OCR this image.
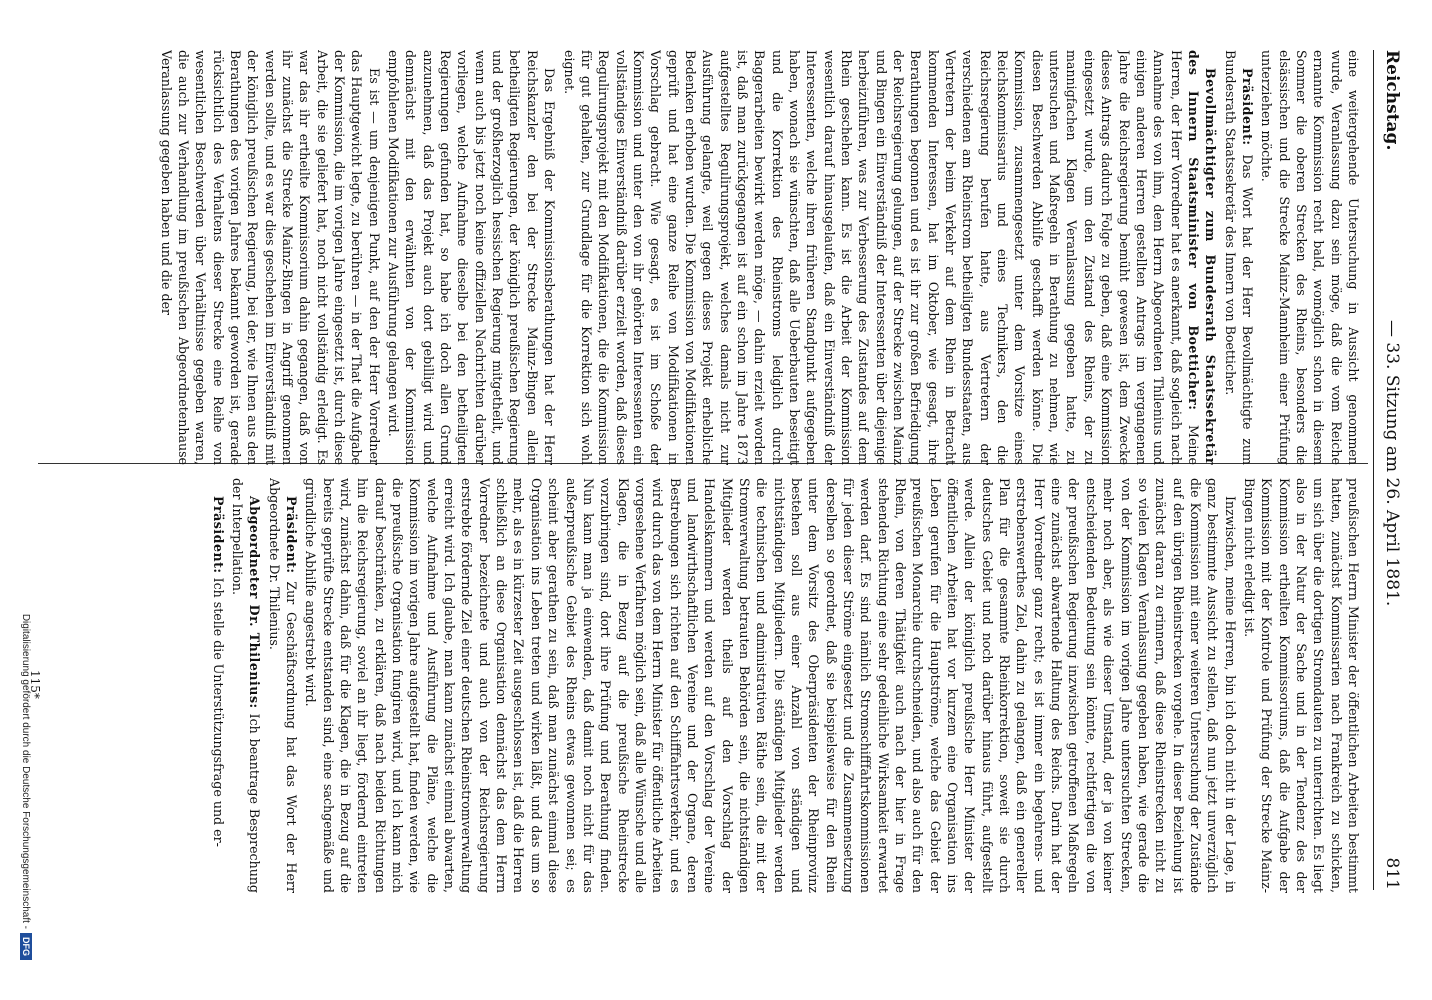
Reichstag.
— 33. Sitzung am 26. April 1881.
811

eine weitergehende Untersuchung in Aussicht genommen wurde, Veranlassung dazu sein möge, daß die vom Reiche ernannte Kommission recht bald, womöglich schon in diesem Sommer die oberen Strecken des Rheins, besonders die elsässischen und die Strecke Mainz-Mannheim einer Prüfung unterziehen möchte.

Präsident: Das Wort hat der Herr Bevollmächtigte zum Bundesrath Staatssekretär des Innern von Boetticher.

Bevollmächtigter zum Bundesrath Staatssekretär des Innern Staatsminister von Boetticher: Meine Herren, der Herr Vorredner hat es anerkannt, daß sogleich nach Annahme des von ihm, dem Herrn Abgeordneten Thilenius und einigen anderen Herren gestellten Antrags im vergangenen Jahre die Reichsregierung bemüht gewesen ist, dem Zwecke dieses Antrags dadurch Folge zu geben, daß eine Kommission eingesetzt wurde, um den Zustand des Rheins, der zu mannigfachen Klagen Veranlassung gegeben hatte, zu untersuchen und Maßregeln in Berathung zu nehmen, wie diesen Beschwerden Abhilfe geschafft werden könne. Die Kommission, zusammengesetzt unter dem Vorsitze eines Reichskommissarius und eines Technikers, den die Reichsregierung berufen hatte, aus Vertretern der verschiedenen am Rheinstrom betheiligten Bundesstaaten, aus Vertretern der beim Verkehr auf dem Rhein in Betracht kommenden Interessen, hat im Oktober, wie gesagt, ihre Berathungen begonnen und es ist ihr zur großen Befriedigung der Reichsregierung gelungen, auf der Strecke zwischen Mainz und Bingen ein Einverständniß der Interessenten über diejenige herbeizuführen, was zur Verbesserung des Zustandes auf dem Rhein geschehen kann. Es ist die Arbeit der Kommission wesentlich darauf hinausgelaufen, daß ein Einverständniß der Interessenten, welche ihren früheren Standpunkt aufgegeben haben, wonach sie wünschten, daß alle Ueberbauten beseitigt und die Korrektion des Rheinstroms lediglich durch Baggerarbeiten bewirkt werden möge, — dahin erzielt worden ist, daß man zurückgegangen ist auf ein schon im Jahre 1873 aufgestelltes Regulirungsprojekt, welches damals nicht zur Ausführung gelangte, weil gegen dieses Projekt erhebliche Bedenken erhoben wurden. Die Kommission von Modifikationen geprüft und hat eine ganze Reihe von Modifikationen in Vorschlag gebracht. Wie gesagt, es ist im Schoße der Kommission und unter den von ihr gehörten Interessenten ein vollständiges Einverständniß darüber erzielt worden, daß dieses Regulirungsprojekt mit den Modifikationen, die die Kommission für gut gehalten, zur Grundlage für die Korrektion sich wohl eignet.

Das Ergebniß der Kommissionsberathungen hat der Herr Reichskanzler den bei der Strecke Mainz-Bingen allein betheiligten Regierungen, der königlich preußischen Regierung und der großherzoglich hessischen Regierung mitgetheilt, und wenn auch bis jetzt noch keine offiziellen Nachrichten darüber vorliegen, welche Aufnahme dieselbe bei den betheiligten Regierungen gefunden hat, so habe ich doch allen Grund anzunehmen, daß das Projekt auch dort gebilligt wird und demnächst mit den erwähnten von der Kommission empfohlenen Modifikationen zur Ausführung gelangen wird.

Es ist — um denjenigen Punkt, auf den der Herr Vorredner das Hauptgewicht legte, zu berühren — in der That die Aufgabe der Kommission, die im vorigen Jahre eingesetzt ist, durch diese Arbeit, die sie geliefert hat, noch nicht vollständig erledigt. Es war das ihr ertheilte Kommissorium dahin gegangen, daß von ihr zunächst die Strecke Mainz-Bingen in Angriff genommen werden sollte, und es war dies geschehen im Einverständniß mit der königlich preußischen Regierung, bei der, wie Ihnen aus den Berathungen des vorigen Jahres bekannt geworden ist, gerade rücksichtlich des Verhaltens dieser Strecke eine Reihe von wesentlichen Beschwerden über Verhältnisse gegeben waren, die auch zur Verhandlung im preußischen Abgeordnetenhause Veranlassung gegeben haben und die der

preußischen Herrn Minister der öffentlichen Arbeiten bestimmt hatten, zunächst Kommissarien nach Frankreich zu schicken, um sich über die dortigen Stromdauten zu unterrichten. Es liegt also in der Natur der Sache und in der Tendenz des der Kommission ertheilten Kommissoriums, daß die Aufgabe der Kommission mit der Kontrole und Prüfung der Strecke Mainz-Bingen nicht erledigt ist.

Inzwischen, meine Herren, bin ich doch nicht in der Lage, in ganz bestimmte Aussicht zu stellen, daß nun jetzt unverzüglich die Kommission mit einer weiteren Untersuchung der Zustände auf den übrigen Rheinstrecken vorgehe. In dieser Beziehung ist zunächst daran zu erinnern, daß diese Rheinstrecken nicht zu so vielen Klagen Veranlassung gegeben haben, wie gerade die von der Kommission im vorigen Jahre untersuchten Strecken, mehr noch aber, als wie dieser Umstand, der ja von keiner entscheidenden Bedeutung sein könnte, rechtfertigen die von der preußischen Regierung inzwischen getroffenen Maßregeln eine zunächst abwartende Haltung des Reichs. Darin hat der Herr Vorredner ganz recht; es ist immer ein begehrens- und erstrebenswerthes Ziel, dahin zu gelangen, daß ein genereller Plan für die gesammte Rheinkorrektion, soweit sie durch deutsches Gebiet und noch darüber hinaus führt, aufgestellt werde. Allein der königlich preußische Herr Minister der öffentlichen Arbeiten hat vor kurzem eine Organisation ins Leben gerufen für die Hauptströme, welche das Gebiet der preußischen Monarchie durchschneiden, und also auch für den Rhein, von deren Thätigkeit auch nach der hier in Frage stehenden Richtung eine sehr gedeihliche Wirksamkeit erwartet werden darf. Es sind nämlich Stromschifffahrtskommissionen für jeden dieser Ströme eingesetzt und die Zusammensetzung derselben so geordnet, daß sie beispielsweise für den Rhein unter dem Vorsitz des Oberpräsidenten der Rheinprovinz bestehen soll aus einer Anzahl von ständigen und nichtständigen Mitgliedern. Die ständigen Mitglieder werden die technischen und administrativen Räthe sein, die mit der Stromverwaltung betrauten Behörden sein, die nichtständigen Mitglieder werden theils auf den Vorschlag der Handelskammern und werden auf den Vorschlag der Vereine und landwirthschaftlichen Vereine und der Organe, deren Bestrebungen sich richten auf den Schifffahrtsverkehr, und es wird durch das von dem Herrn Minister für öffentliche Arbeiten vorgesehene Verfahren möglich sein, daß alle Wünsche und alle Klagen, die in Bezug auf die preußische Rheinstrecke vorzubringen sind, dort ihre Prüfung und Berathung finden. Nun kann man ja einwenden, daß damit noch nicht für das außerpreußische Gebiet des Rheins etwas gewonnen sei; es scheint aber gerathen zu sein, daß man zunächst einmal diese Organisation ins Leben treten und wirken läßt, und das um so mehr, als es in kürzester Zeit ausgeschlossen ist, daß die Herren schließlich an diese Organisation dennächst das dem Herrn Vorredner bezeichnete und auch von der Reichsregierung erstrebte fördernde Ziel einer deutschen Rheinstromverwaltung erreicht wird. Ich glaube, man kann zunächst einmal abwarten, welche Aufnahme und Ausführung die Pläne, welche die Kommission im vorigen Jahre aufgestellt hat, finden werden, wie die preußische Organisation fungiren wird, und ich kann mich darauf beschränken, zu erklären, daß nach beiden Richtungen hin die Reichsregierung, soviel an ihr liegt, fördernd eintreten wird, zunächst dahin, daß für die Klagen, die in Bezug auf die bereits geprüfte Strecke entstanden sind, eine sachgemäße und gründliche Abhilfe angestrebt wird.

Präsident: Zur Geschäftsordnung hat das Wort der Herr Abgeordnete Dr. Thilenius.

Abgeordneter Dr. Thilenius: Ich beantrage Besprechung der Interpellation.

Präsident: Ich stelle die Unterstützungsfrage und er-

115*
Digitalisierung gefördert durch die Deutsche Forschungsgemeinschaft -DFG
